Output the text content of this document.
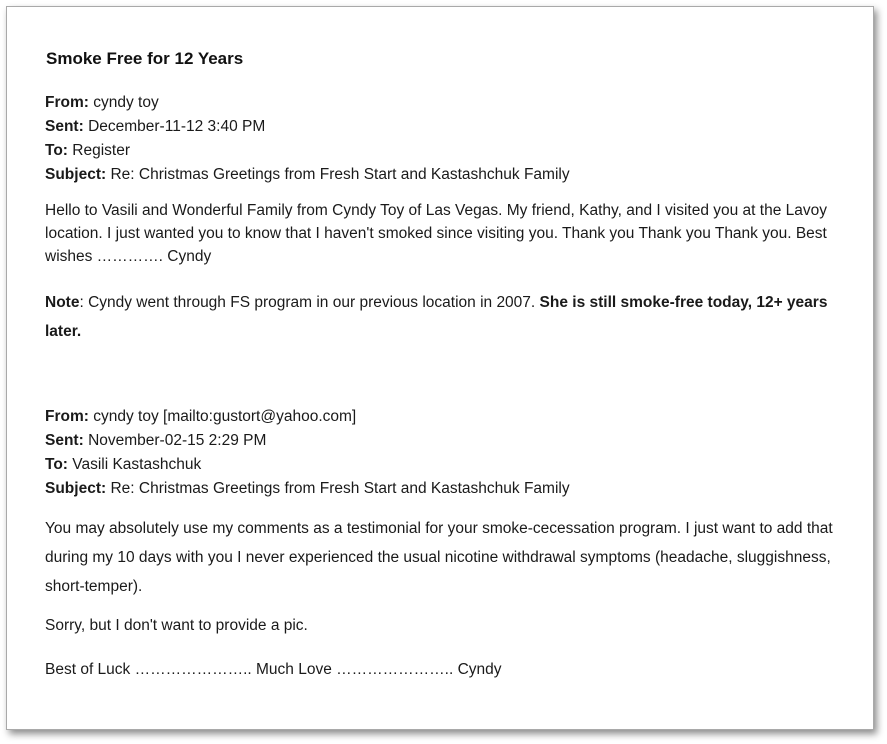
Smoke Free for 12 Years
From: cyndy toy
Sent: December-11-12 3:40 PM
To: Register
Subject: Re: Christmas Greetings from Fresh Start and Kastashchuk Family
Hello to Vasili and Wonderful Family from Cyndy Toy of Las Vegas. My friend, Kathy, and I visited you at the Lavoy location. I just wanted you to know that I haven't smoked since visiting you. Thank you Thank you Thank you. Best wishes …………. Cyndy
Note: Cyndy went through FS program in our previous location in 2007. She is still smoke-free today, 12+ years later.
From: cyndy toy [mailto:gustort@yahoo.com]
Sent: November-02-15 2:29 PM
To: Vasili Kastashchuk
Subject: Re: Christmas Greetings from Fresh Start and Kastashchuk Family
You may absolutely use my comments as a testimonial for your smoke-cecessation program. I just want to add that during my 10 days with you I never experienced the usual nicotine withdrawal symptoms (headache, sluggishness, short-temper).
Sorry, but I don't want to provide a pic.
Best of Luck ………………….. Much Love ………………….. Cyndy
